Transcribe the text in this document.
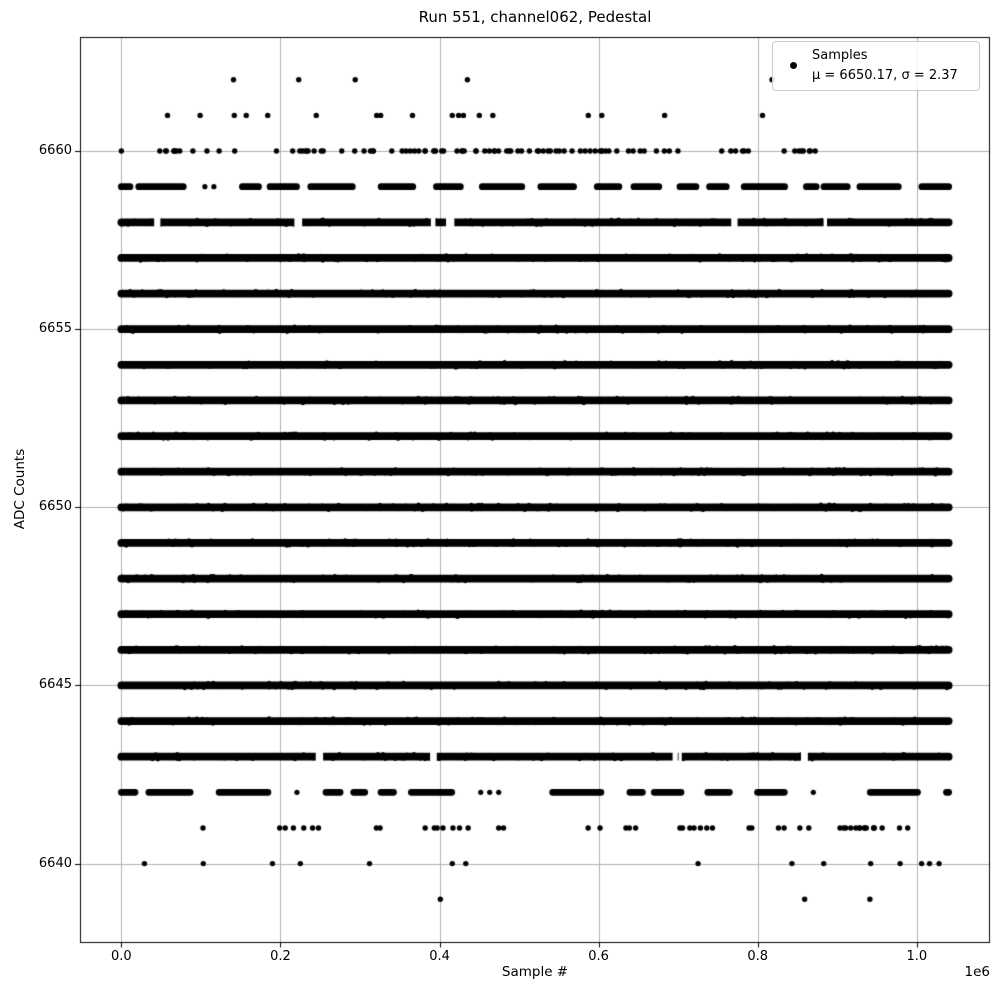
Run 551, channel062, Pedestal
ADC Counts
Sample #	1e6
Samples
μ = 6650.17, σ = 2.37
0.0	0.2	0.4	0.6	0.8	1.0
6640
6645
6650
6655
6660
